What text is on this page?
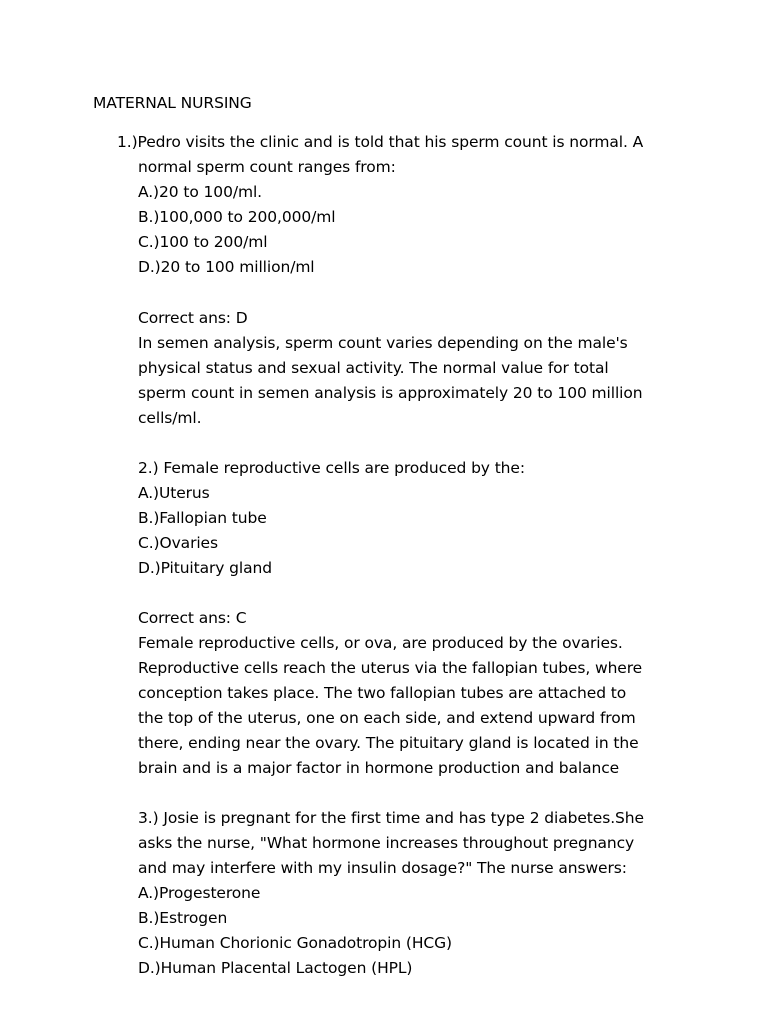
MATERNAL NURSING
1.)Pedro visits the clinic and is told that his sperm count is normal. A
normal sperm count ranges from:
A.)20 to 100/ml.
B.)100,000 to 200,000/ml
C.)100 to 200/ml
D.)20 to 100 million/ml
Correct ans: D
In semen analysis, sperm count varies depending on the male's
physical status and sexual activity. The normal value for total
sperm count in semen analysis is approximately 20 to 100 million
cells/ml.
2.) Female reproductive cells are produced by the:
A.)Uterus
B.)Fallopian tube
C.)Ovaries
D.)Pituitary gland
Correct ans: C
Female reproductive cells, or ova, are produced by the ovaries.
Reproductive cells reach the uterus via the fallopian tubes, where
conception takes place. The two fallopian tubes are attached to
the top of the uterus, one on each side, and extend upward from
there, ending near the ovary. The pituitary gland is located in the
brain and is a major factor in hormone production and balance
3.) Josie is pregnant for the first time and has type 2 diabetes.She
asks the nurse, "What hormone increases throughout pregnancy
and may interfere with my insulin dosage?" The nurse answers:
A.)Progesterone
B.)Estrogen
C.)Human Chorionic Gonadotropin (HCG)
D.)Human Placental Lactogen (HPL)
